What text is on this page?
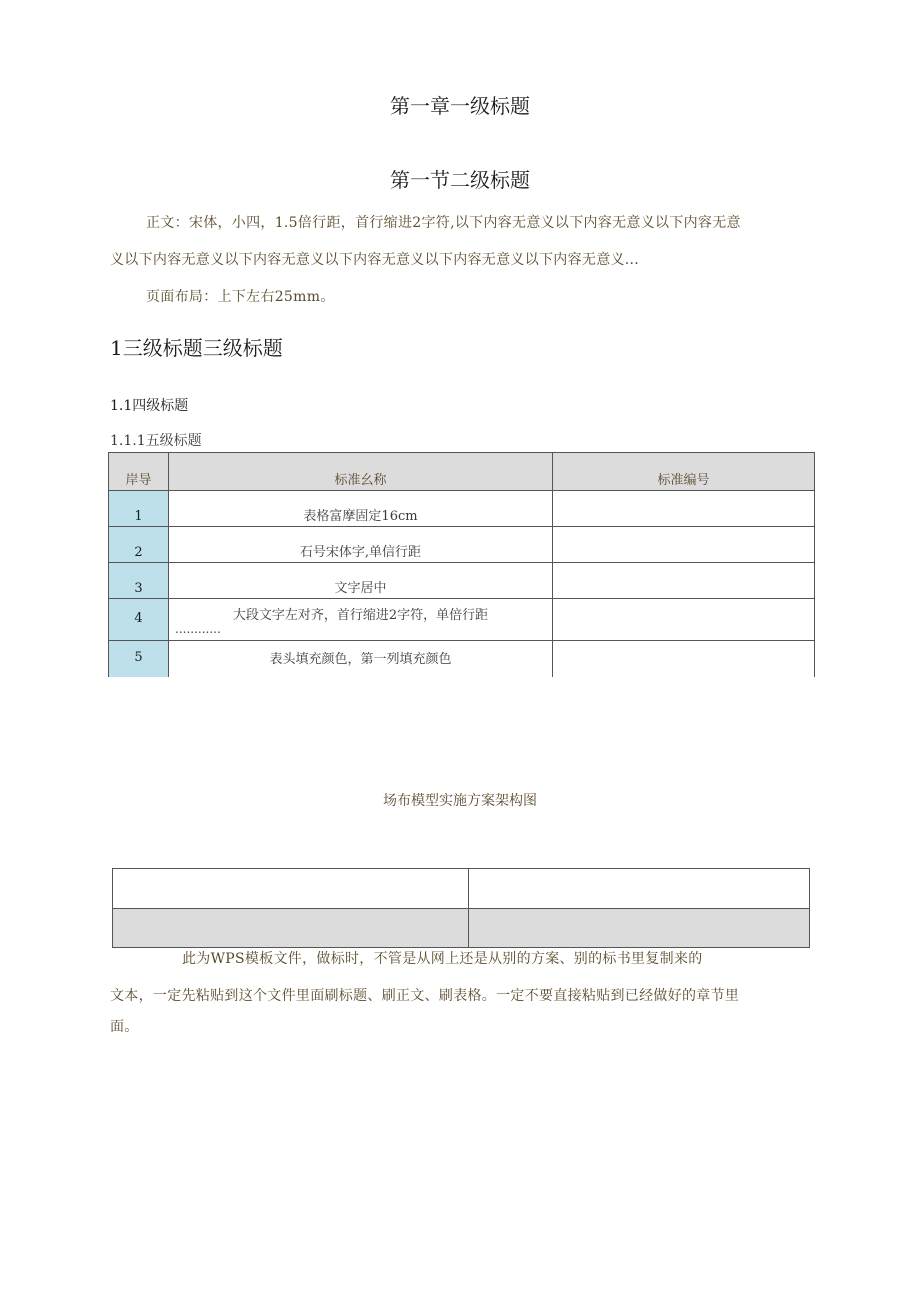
第一章一级标题
第一节二级标题
正文：宋体，小四，1.5倍行距，首行缩进2字符,以下内容无意义以下内容无意义以下内容无意
义以下内容无意义以下内容无意义以下内容无意义以下内容无意义以下内容无意义...
页面布局：上下左右25mm。
1三级标题三级标题
1.1四级标题
1.1.1五级标题
岸导	标准幺称	标准编号
1	表格富摩固定16cm	
2	石号宋体字,单信行距	
3	文字居中	
4	大段文字左对齐，首行缩进2字符，单倍行距
............	

5	表头填充颜色，第一列填充颜色	
场布模型实施方案架构图

此为WPS模板文件，做标时，不管是从网上还是从别的方案、别的标书里复制来的
文本，一定先粘贴到这个文件里面刷标题、刷正文、刷表格。一定不要直接粘贴到已经做好的章节里
面。
